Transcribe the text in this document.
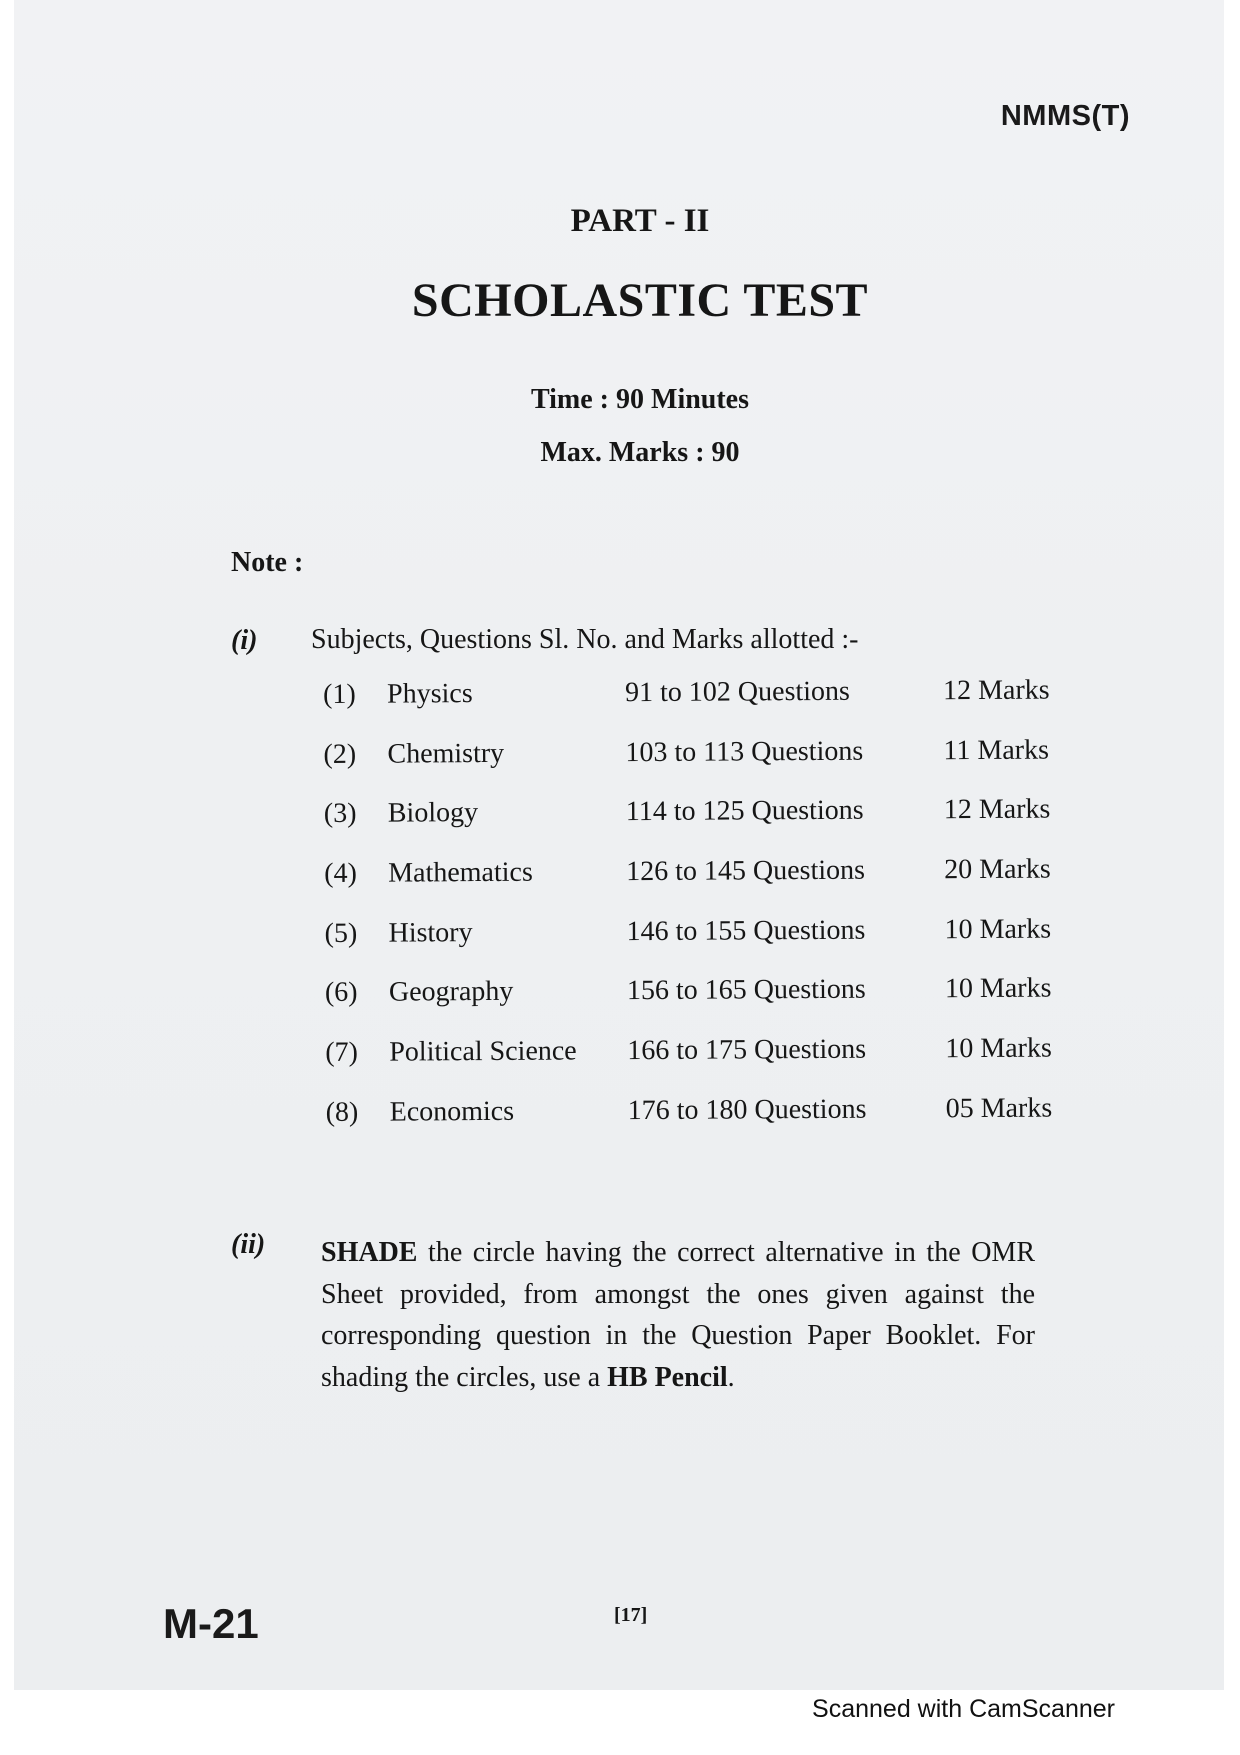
NMMS(T)
PART - II
SCHOLASTIC TEST
Time : 90 Minutes
Max. Marks : 90
Note :
(i) Subjects, Questions Sl. No. and Marks allotted :-
(1) Physics	91 to 102 Questions	12 Marks
(2) Chemistry	103 to 113 Questions	11 Marks
(3) Biology	114 to 125 Questions	12 Marks
(4) Mathematics	126 to 145 Questions	20 Marks
(5) History	146 to 155 Questions	10 Marks
(6) Geography	156 to 165 Questions	10 Marks
(7) Political Science 166 to 175 Questions	10 Marks
(8) Economics	176 to 180 Questions	05 Marks
(ii) SHADE the circle having the correct alternative in the OMR Sheet provided, from amongst the ones given against the corresponding question in the Question Paper Booklet. For shading the circles, use a HB Pencil.

M-21	[17]
Scanned with CamScanner
